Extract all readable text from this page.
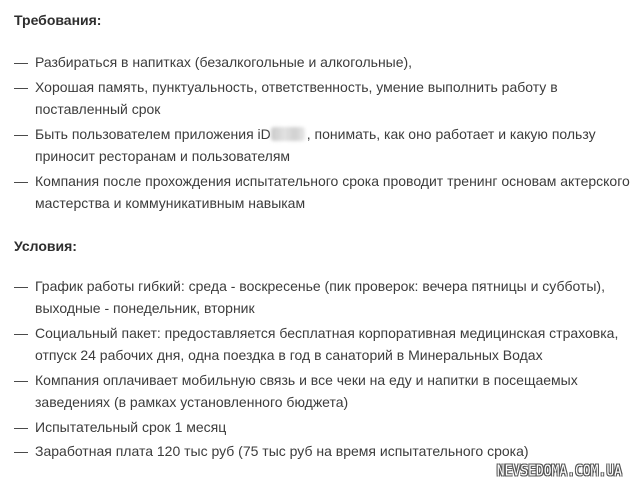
Требования:
— Разбираться в напитках (безалкогольные и алкогольные),
— Хорошая память, пунктуальность, ответственность, умение выполнить работу в поставленный срок
— Быть пользователем приложения iD	, понимать, как оно работает и какую пользу приносит ресторанам и пользователям
— Компания после прохождения испытательного срока проводит тренинг основам актерского мастерства и коммуникативным навыкам
Условия:
— График работы гибкий: среда - воскресенье (пик проверок: вечера пятницы и субботы), выходные - понедельник, вторник
— Социальный пакет: предоставляется бесплатная корпоративная медицинская страховка, отпуск 24 рабочих дня, одна поездка в год в санаторий в Минеральных Водах
— Компания оплачивает мобильную связь и все чеки на еду и напитки в посещаемых заведениях (в рамках установленного бюджета)
— Испытательный срок 1 месяц
— Заработная плата 120 тыс руб (75 тыс руб на время испытательного срока)
NEVSEDOMA.COM.UA
